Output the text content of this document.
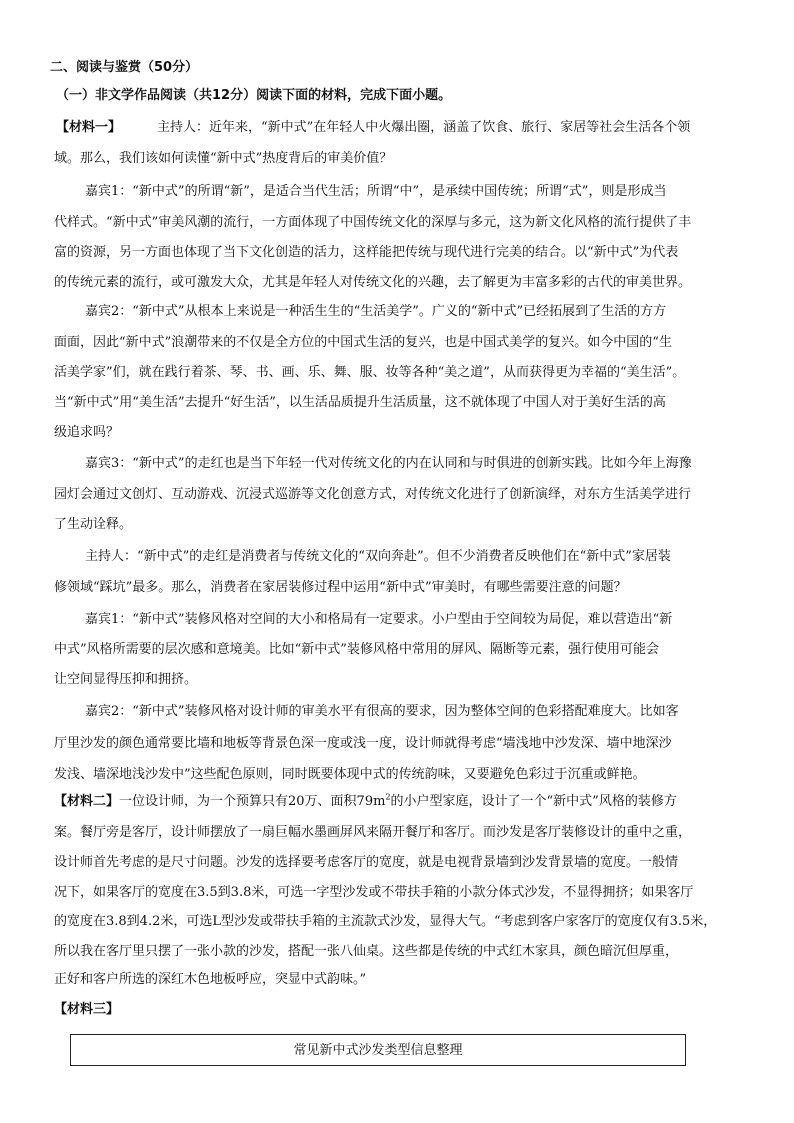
二、阅读与鉴赏（50分）
（一）非文学作品阅读（共12分）阅读下面的材料，完成下面小题。
【材料一】	主持人：近年来，“新中式”在年轻人中火爆出圈，涵盖了饮食、旅行、家居等社会生活各个领
域。那么，我们该如何读懂“新中式”热度背后的审美价值？
嘉宾1：“新中式”的所谓“新”，是适合当代生活；所谓“中”，是承续中国传统；所谓“式”，则是形成当
代样式。“新中式”审美风潮的流行，一方面体现了中国传统文化的深厚与多元，这为新文化风格的流行提供了丰
富的资源，另一方面也体现了当下文化创造的活力，这样能把传统与现代进行完美的结合。以“新中式”为代表
的传统元素的流行，或可激发大众，尤其是年轻人对传统文化的兴趣，去了解更为丰富多彩的古代的审美世界。
嘉宾2：“新中式”从根本上来说是一种活生生的“生活美学”。广义的“新中式”已经拓展到了生活的方方
面面，因此“新中式”浪潮带来的不仅是全方位的中国式生活的复兴，也是中国式美学的复兴。如今中国的“生
活美学家”们，就在践行着茶、琴、书、画、乐、舞、服、妆等各种“美之道”，从而获得更为幸福的“美生活”。
当“新中式”用“美生活”去提升“好生活”，以生活品质提升生活质量，这不就体现了中国人对于美好生活的高
级追求吗？
嘉宾3：“新中式”的走红也是当下年轻一代对传统文化的内在认同和与时俱进的创新实践。比如今年上海豫
园灯会通过文创灯、互动游戏、沉浸式巡游等文化创意方式，对传统文化进行了创新演绎，对东方生活美学进行
了生动诠释。
主持人：“新中式”的走红是消费者与传统文化的“双向奔赴”。但不少消费者反映他们在“新中式”家居装
修领域“踩坑”最多。那么，消费者在家居装修过程中运用“新中式”审美时，有哪些需要注意的问题？
嘉宾1：“新中式”装修风格对空间的大小和格局有一定要求。小户型由于空间较为局促，难以营造出“新
中式”风格所需要的层次感和意境美。比如“新中式”装修风格中常用的屏风、隔断等元素，强行使用可能会
让空间显得压抑和拥挤。
嘉宾2：“新中式”装修风格对设计师的审美水平有很高的要求，因为整体空间的色彩搭配难度大。比如客
厅里沙发的颜色通常要比墙和地板等背景色深一度或浅一度，设计师就得考虑“墙浅地中沙发深、墙中地深沙
发浅、墙深地浅沙发中”这些配色原则，同时既要体现中式的传统韵味，又要避免色彩过于沉重或鲜艳。
【材料二】一位设计师，为一个预算只有20万、面积$79m^2$的小户型家庭，设计了一个“新中式”风格的装修方
案。餐厅旁是客厅，设计师摆放了一扇巨幅水墨画屏风来隔开餐厅和客厅。而沙发是客厅装修设计的重中之重，
设计师首先考虑的是尺寸问题。沙发的选择要考虑客厅的宽度，就是电视背景墙到沙发背景墙的宽度。一般情
况下，如果客厅的宽度在3.5到3.8米，可选一字型沙发或不带扶手箱的小款分体式沙发，不显得拥挤；如果客厅
的宽度在3.8到4.2米，可选L型沙发或带扶手箱的主流款式沙发，显得大气。“考虑到客户家客厅的宽度仅有3.5米，
所以我在客厅里只摆了一张小款的沙发，搭配一张八仙桌。这些都是传统的中式红木家具，颜色暗沉但厚重，
正好和客户所选的深红木色地板呼应，突显中式韵味。”
【材料三】
常见新中式沙发类型信息整理
